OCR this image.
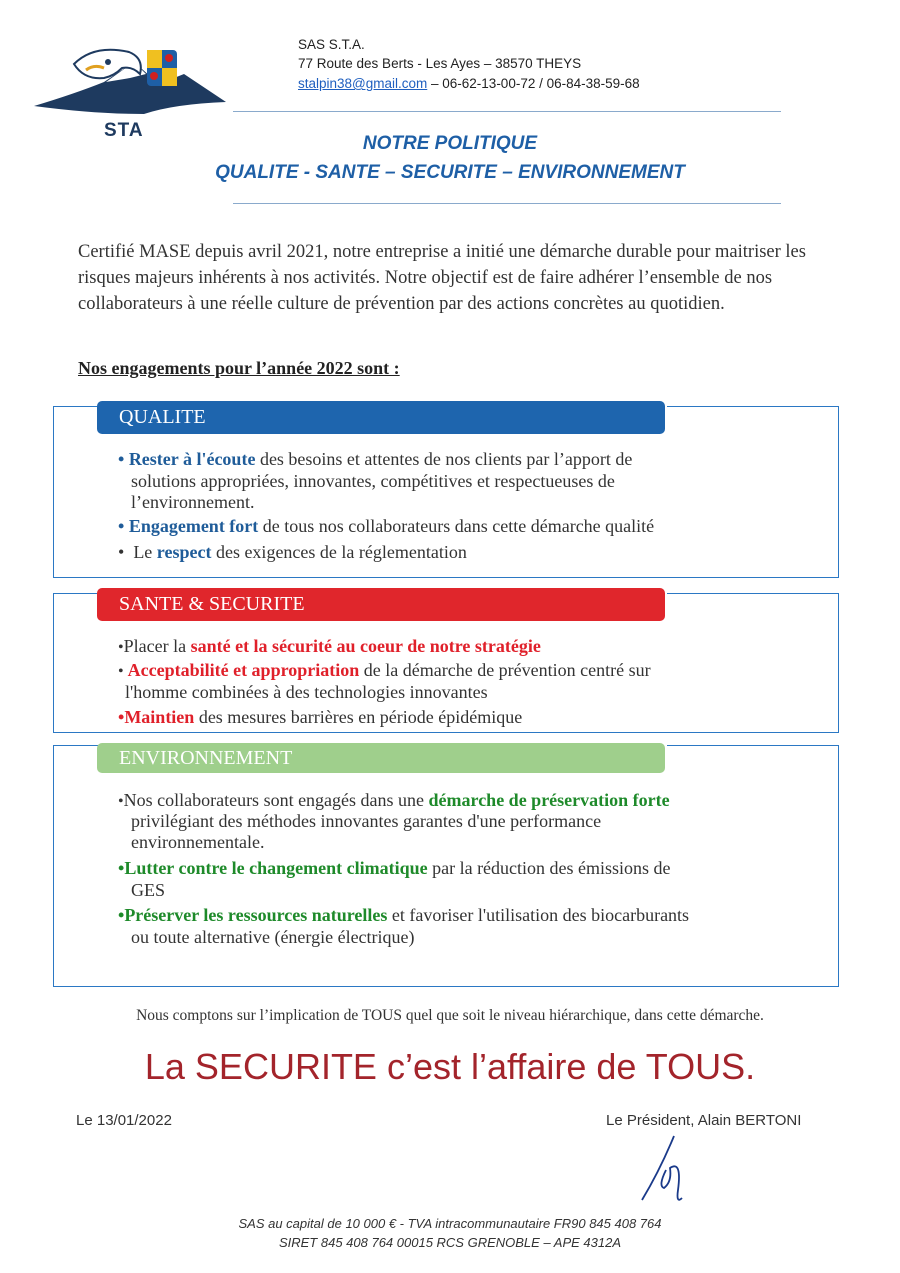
STA
SAS S.T.A.
77 Route des Berts - Les Ayes – 38570 THEYS
stalpin38@gmail.com – 06-62-13-00-72 / 06-84-38-59-68
NOTRE POLITIQUE
QUALITE - SANTE – SECURITE – ENVIRONNEMENT
Certifié MASE depuis avril 2021, notre entreprise a initié une démarche durable pour maitriser les risques majeurs inhérents à nos activités. Notre objectif est de faire adhérer l’ensemble de nos collaborateurs à une réelle culture de prévention par des actions concrètes au quotidien.
Nos engagements pour l’année 2022 sont :
QUALITE
• Rester à l'écoute des besoins et attentes de nos clients par l’apport de
solutions appropriées, innovantes, compétitives et respectueuses de
l’environnement.
• Engagement fort de tous nos collaborateurs dans cette démarche qualité
•  Le respect des exigences de la réglementation
SANTE & SECURITE
•Placer la santé et la sécurité au coeur de notre stratégie
• Acceptabilité et appropriation de la démarche de prévention centré sur
l'homme combinées à des technologies innovantes
•Maintien des mesures barrières en période épidémique
ENVIRONNEMENT
•Nos collaborateurs sont engagés dans une démarche de préservation forte
privilégiant des méthodes innovantes garantes d'une performance
environnementale.
•Lutter contre le changement climatique par la réduction des émissions de
GES
•Préserver les ressources naturelles et favoriser l'utilisation des biocarburants
ou toute alternative (énergie électrique)
Nous comptons sur l’implication de TOUS quel que soit le niveau hiérarchique, dans cette démarche.
La SECURITE c’est l’affaire de TOUS.
Le 13/01/2022	Le Président, Alain BERTONI
SAS au capital de 10 000 € - TVA intracommunautaire FR90 845 408 764
SIRET 845 408 764 00015 RCS GRENOBLE – APE 4312A
